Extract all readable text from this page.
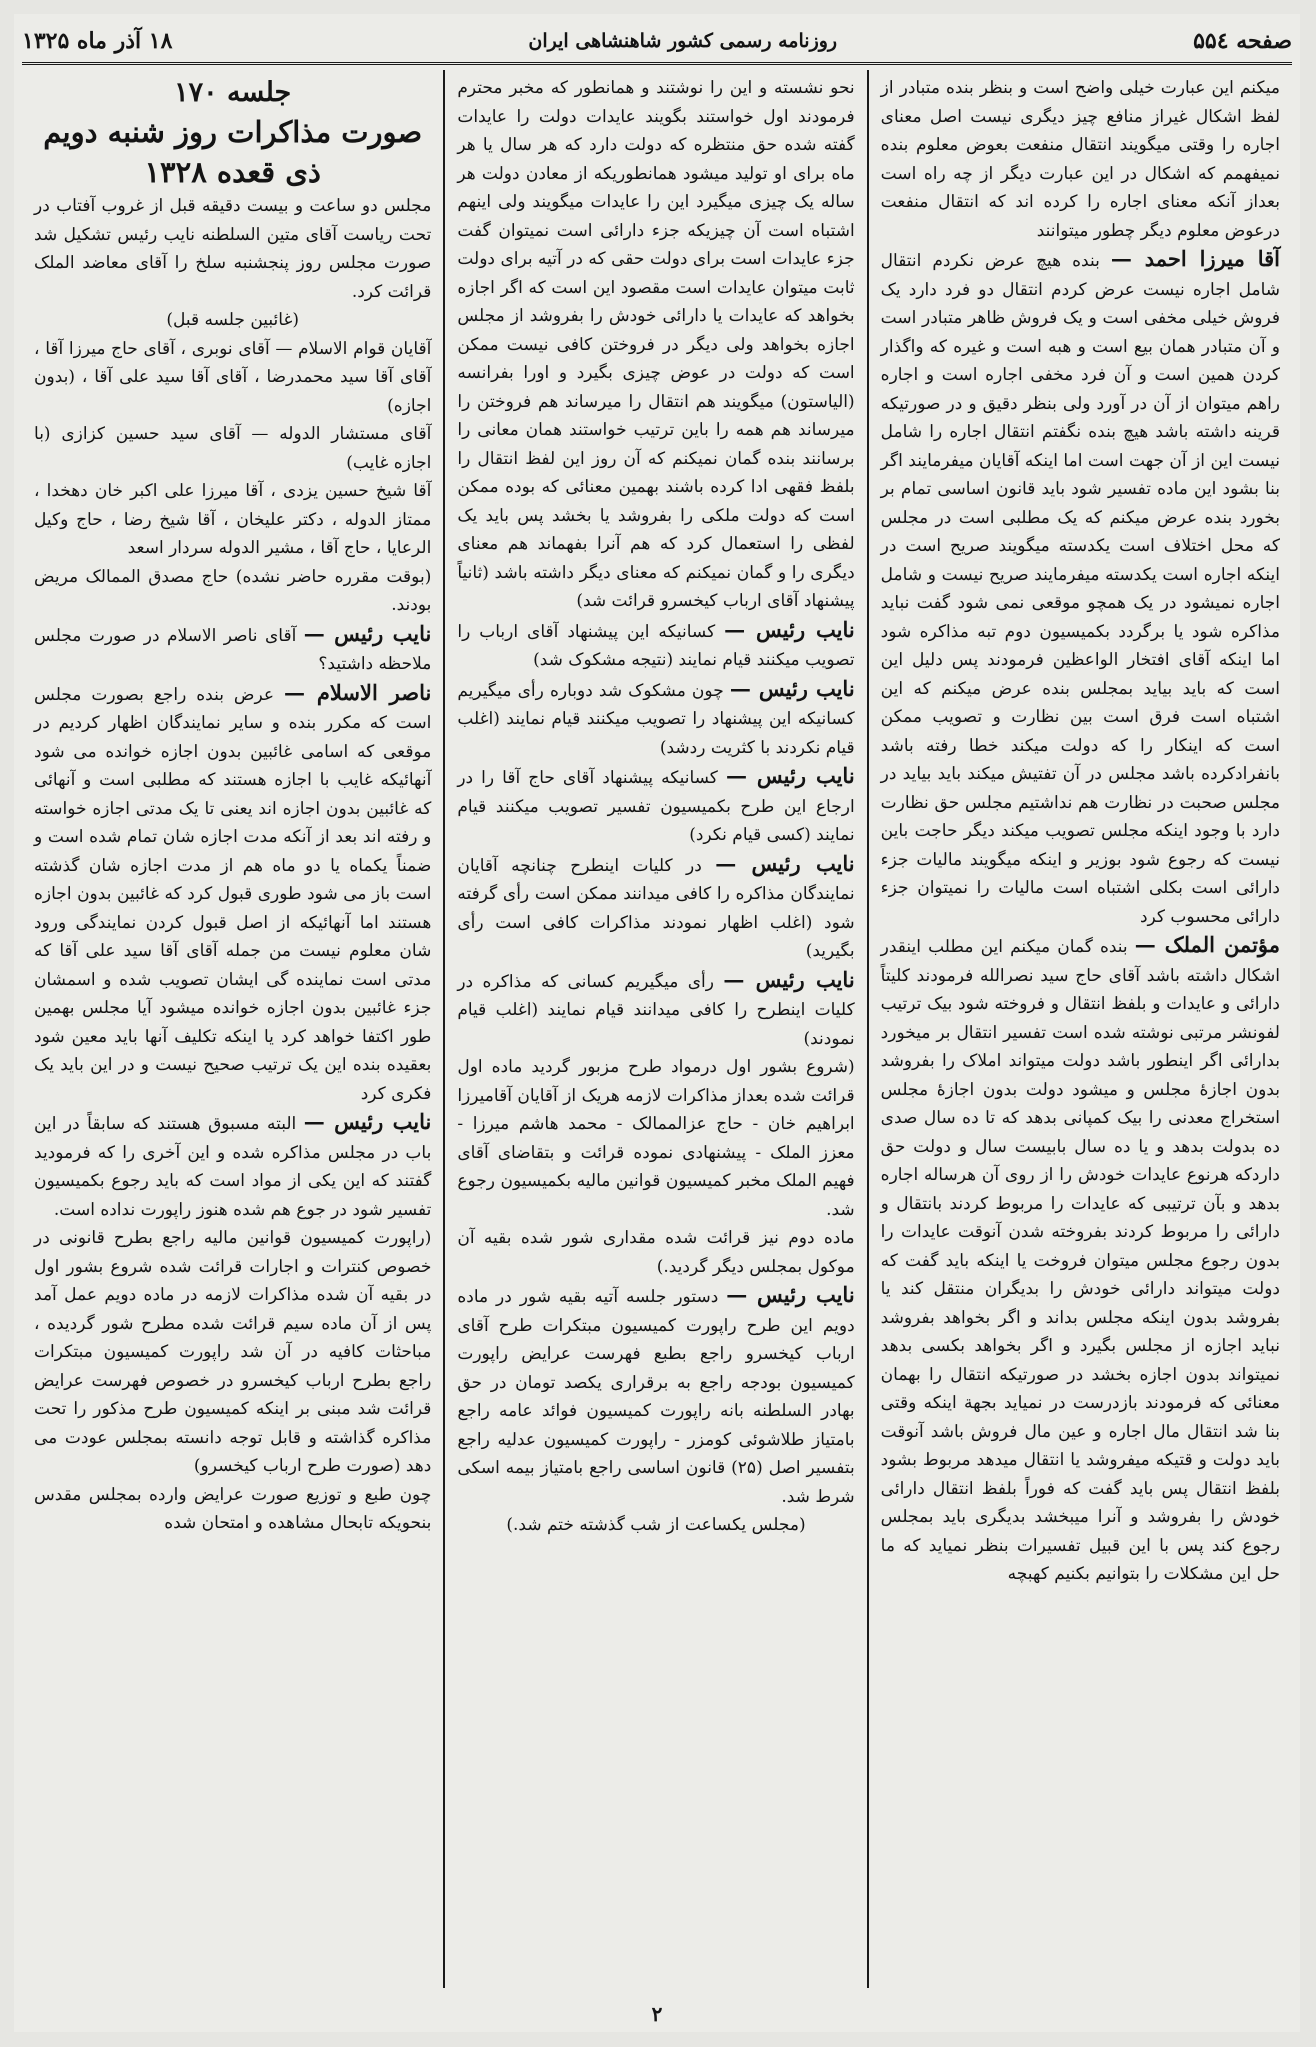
صفحه ۵۵٤
روزنامه رسمی کشور شاهنشاهی ایران
۱۸ آذر ماه ۱۳۲۵

میکنم این عبارت خیلی واضح است و بنظر بنده متبادر از لفظ اشکال غیراز منافع چیز دیگری نیست اصل معنای اجاره را وقتی میگویند انتقال منفعت بعوض معلوم بنده نمیفهمم که اشکال در این عبارت دیگر از چه راه است بعداز آنکه معنای اجاره را کرده اند که انتقال منفعت درعوض معلوم دیگر چطور میتوانند

آقا میرزا احمد — بنده هیچ عرض نکردم انتقال شامل اجاره نیست عرض کردم انتقال دو فرد دارد یک فروش خیلی مخفی است و یک فروش ظاهر متبادر است و آن متبادر همان بیع است و هبه است و غیره که واگذار کردن همین است و آن فرد مخفی اجاره است و اجاره راهم میتوان از آن در آورد ولی بنظر دقیق و در صورتیکه قرینه داشته باشد هیچ بنده نگفتم انتقال اجاره را شامل نیست این از آن جهت است اما اینکه آقایان میفرمایند اگر بنا بشود این ماده تفسیر شود باید قانون اساسی تمام بر بخورد بنده عرض میکنم که یک مطلبی است در مجلس که محل اختلاف است یکدسته میگویند صریح است در اینکه اجاره است یکدسته میفرمایند صریح نیست و شامل اجاره نمیشود در یک همچو موقعی نمی شود گفت نباید مذاکره شود یا برگردد بکمیسیون دوم تبه مذاکره شود اما اینکه آقای افتخار الواعظین فرمودند پس دلیل این است که باید بیاید بمجلس بنده عرض میکنم که این اشتباه است فرق است بین نظارت و تصویب ممکن است که اینکار را که دولت میکند خطا رفته باشد بانفرادکرده باشد مجلس در آن تفتیش میکند باید بیاید در مجلس صحبت در نظارت هم نداشتیم مجلس حق نظارت دارد با وجود اینکه مجلس تصویب میکند دیگر حاجت باین نیست که رجوع شود بوزیر و اینکه میگویند مالیات جزء دارائی است بکلی اشتباه است مالیات را نمیتوان جزء دارائی محسوب کرد

مؤتمن الملک — بنده گمان میکنم این مطلب اینقدر اشکال داشته باشد آقای حاج سید نصرالله فرمودند کلیتاً دارائی و عایدات و بلفظ انتقال و فروخته شود بیک ترتیب لفونشر مرتبی نوشته شده است تفسیر انتقال بر میخورد بدارائی اگر اینطور باشد دولت میتواند املاک را بفروشد بدون اجازهٔ مجلس و میشود دولت بدون اجازهٔ مجلس استخراج معدنی را بیک کمپانی بدهد که تا ده سال صدی ده بدولت بدهد و یا ده سال بابیست سال و دولت حق داردکه هرنوع عایدات خودش را از روی آن هرساله اجاره بدهد و بآن ترتیبی که عایدات را مربوط کردند بانتقال و دارائی را مربوط کردند بفروخته شدن آنوقت عایدات را بدون رجوع مجلس میتوان فروخت یا اینکه باید گفت که دولت میتواند دارائی خودش را بدیگران منتقل کند یا بفروشد بدون اینکه مجلس بداند و اگر بخواهد بفروشد نباید اجازه از مجلس بگیرد و اگر بخواهد بکسی بدهد نمیتواند بدون اجازه بخشد در صورتیکه انتقال را بهمان معنائی که فرمودند بازدرست در نمیاید بجهة اینکه وقتی بنا شد انتقال مال اجاره و عین مال فروش باشد آنوقت باید دولت و قتیکه میفروشد یا انتقال میدهد مربوط بشود بلفظ انتقال پس باید گفت که فوراً بلفظ انتقال دارائی خودش را بفروشد و آنرا میبخشد بدیگری باید بمجلس رجوع کند پس با این قبیل تفسیرات بنظر نمیاید که ما حل این مشکلات را بتوانیم بکنیم کهبچه

نحو نشسته و این را نوشتند و همانطور که مخبر محترم فرمودند اول خواستند بگویند عایدات دولت را عایدات گفته شده حق منتظره که دولت دارد که هر سال یا هر ماه برای او تولید میشود همانطوریکه از معادن دولت هر ساله یک چیزی میگیرد این را عایدات میگویند ولی اینهم اشتباه است آن چیزیکه جزء دارائی است نمیتوان گفت جزء عایدات است برای دولت حقی که در آتیه برای دولت ثابت میتوان عایدات است مقصود این است که اگر اجازه بخواهد که عایدات یا دارائی خودش را بفروشد از مجلس اجازه بخواهد ولی دیگر در فروختن کافی نیست ممکن است که دولت در عوض چیزی بگیرد و اورا بفرانسه (الیاستون) میگویند هم انتقال را میرساند هم فروختن را میرساند هم همه را باین ترتیب خواستند همان معانی را برسانند بنده گمان نمیکنم که آن روز این لفظ انتقال را بلفظ فقهی ادا کرده باشند بهمین معنائی که بوده ممکن است که دولت ملکی را بفروشد یا بخشد پس باید یک لفظی را استعمال کرد که هم آنرا بفهماند هم معنای دیگری را و گمان نمیکنم که معنای دیگر داشته باشد (ثانیاً پیشنهاد آقای ارباب کیخسرو قرائت شد)

نایب رئیس — کسانیکه این پیشنهاد آقای ارباب را تصویب میکنند قیام نمایند (نتیجه مشکوک شد)

نایب رئیس — چون مشکوک شد دوباره رأی میگیریم کسانیکه این پیشنهاد را تصویب میکنند قیام نمایند (اغلب قیام نکردند با کثریت ردشد)

نایب رئیس — کسانیکه پیشنهاد آقای حاج آقا را در ارجاع این طرح بکمیسیون تفسیر تصویب میکنند قیام نمایند (کسی قیام نکرد)

نایب رئیس — در کلیات اینطرح چنانچه آقایان نمایندگان مذاکره را کافی میدانند ممکن است رأی گرفته شود (اغلب اظهار نمودند مذاکرات کافی است رأی بگیرید)

نایب رئیس — رأی میگیریم کسانی که مذاکره در کلیات اینطرح را کافی میدانند قیام نمایند (اغلب قیام نمودند)

(شروع بشور اول درمواد طرح مزبور گردید ماده اول قرائت شده بعداز مذاکرات لازمه هریک از آقایان آقامیرزا ابراهیم خان - حاج عزالممالک - محمد هاشم میرزا - معزز الملک - پیشنهادی نموده قرائت و بتقاضای آقای فهیم الملک مخبر کمیسیون قوانین مالیه بکمیسیون رجوع شد.

ماده دوم نیز قرائت شده مقداری شور شده بقیه آن موکول بمجلس دیگر گردید.)

نایب رئیس — دستور جلسه آتیه بقیه شور در ماده دویم این طرح راپورت کمیسیون مبتکرات طرح آقای ارباب کیخسرو راجع بطبع فهرست عرایض راپورت کمیسیون بودجه راجع به برقراری یکصد تومان در حق بهادر السلطنه بانه راپورت کمیسیون فوائد عامه راجع بامتیاز طلاشوئی کومزر - راپورت کمیسیون عدلیه راجع بتفسیر اصل (۲۵) قانون اساسی راجع بامتیاز بیمه اسکی شرط شد.

(مجلس یکساعت از شب گذشته ختم شد.)

جلسه ۱۷۰
صورت مذاکرات روز شنبه دویم
ذی قعده ۱۳۲۸

مجلس دو ساعت و بیست دقیقه قبل از غروب آفتاب در تحت ریاست آقای متین السلطنه نایب رئیس تشکیل شد صورت مجلس روز پنجشنبه سلخ را آقای معاضد الملک قرائت کرد.

(غائبین جلسه قبل)

آقایان قوام الاسلام — آقای نوبری ، آقای حاج میرزا آقا ، آقای آقا سید محمدرضا ، آقای آقا سید علی آقا ، (بدون اجازه)

آقای مستشار الدوله — آقای سید حسین کزازی (با اجازه غایب)

آقا شیخ حسین یزدی ، آقا میرزا علی اکبر خان دهخدا ، ممتاز الدوله ، دکتر علیخان ، آقا شیخ رضا ، حاج وکیل الرعایا ، حاج آقا ، مشیر الدوله سردار اسعد

(بوقت مقرره حاضر نشده) حاج مصدق الممالک مریض بودند.

نایب رئیس — آقای ناصر الاسلام در صورت مجلس ملاحظه داشتید؟

ناصر الاسلام — عرض بنده راجع بصورت مجلس است که مکرر بنده و سایر نمایندگان اظهار کردیم در موقعی که اسامی غائبین بدون اجازه خوانده می شود آنهائیکه غایب با اجازه هستند که مطلبی است و آنهائی که غائبین بدون اجازه اند یعنی تا یک مدتی اجازه خواسته و رفته اند بعد از آنکه مدت اجازه شان تمام شده است و ضمناً یکماه یا دو ماه هم از مدت اجازه شان گذشته است باز می شود طوری قبول کرد که غائبین بدون اجازه هستند اما آنهائیکه از اصل قبول کردن نمایندگی ورود شان معلوم نیست من جمله آقای آقا سید علی آقا که مدتی است نماینده گی ایشان تصویب شده و اسمشان جزء غائبین بدون اجازه خوانده میشود آیا مجلس بهمین طور اکتفا خواهد کرد یا اینکه تکلیف آنها باید معین شود بعقیده بنده این یک ترتیب صحیح نیست و در این باید یک فکری کرد

نایب رئیس — البته مسبوق هستند که سابقاً در این باب در مجلس مذاکره شده و این آخری را که فرمودید گفتند که این یکی از مواد است که باید رجوع بکمیسیون تفسیر شود در جوع هم شده هنوز راپورت نداده است.

(راپورت کمیسیون قوانین مالیه راجع بطرح قانونی در خصوص کنترات و اجارات قرائت شده شروع بشور اول در بقیه آن شده مذاکرات لازمه در ماده دویم عمل آمد پس از آن ماده سیم قرائت شده مطرح شور گردیده ، مباحثات کافیه در آن شد راپورت کمیسیون مبتکرات راجع بطرح ارباب کیخسرو در خصوص فهرست عرایض قرائت شد مبنی بر اینکه کمیسیون طرح مذکور را تحت مذاکره گذاشته و قابل توجه دانسته بمجلس عودت می دهد (صورت طرح ارباب کیخسرو)

چون طبع و توزیع صورت عرایض وارده بمجلس مقدس بنحویکه تابحال مشاهده و امتحان شده

۲
